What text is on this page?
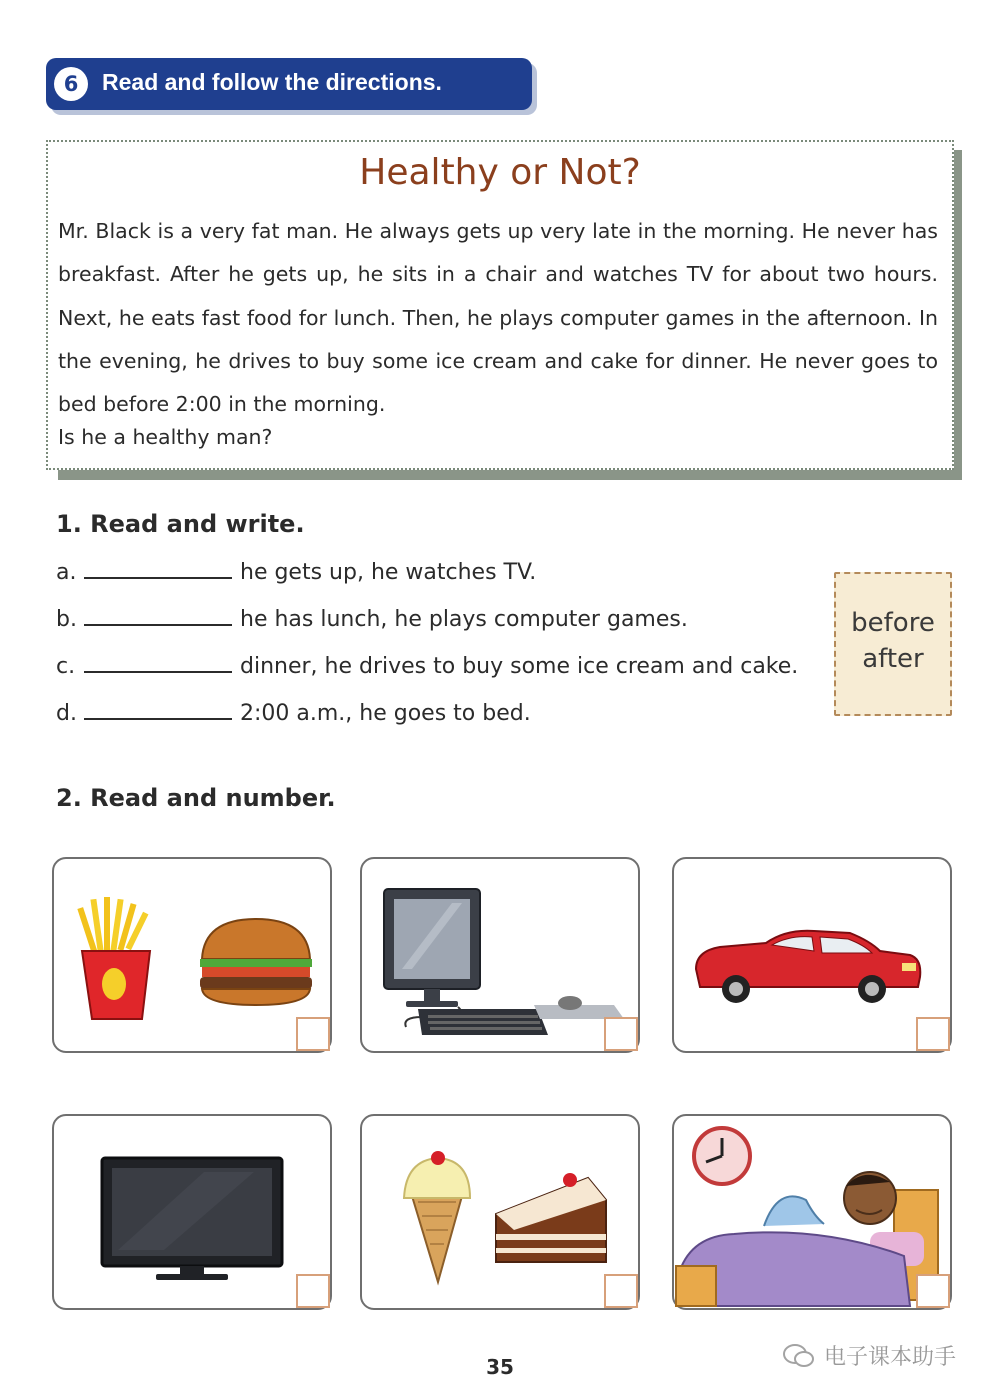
6	Read and follow the directions.
Healthy or Not?
Mr. Black is a very fat man. He always gets up very late in the morning. He never has breakfast. After he gets up, he sits in a chair and watches TV for about two hours. Next, he eats fast food for lunch. Then, he plays computer games in the afternoon. In the evening, he drives to buy some ice cream and cake for dinner. He never goes to bed before 2:00 in the morning.
Is he a healthy man?
1. Read and write.
a.	he gets up, he watches TV.
b.	he has lunch, he plays computer games.
c.	dinner, he drives to buy some ice cream and cake.
d.	2:00 a.m., he goes to bed.
before
after
2. Read and number.
35	电子课本助手
